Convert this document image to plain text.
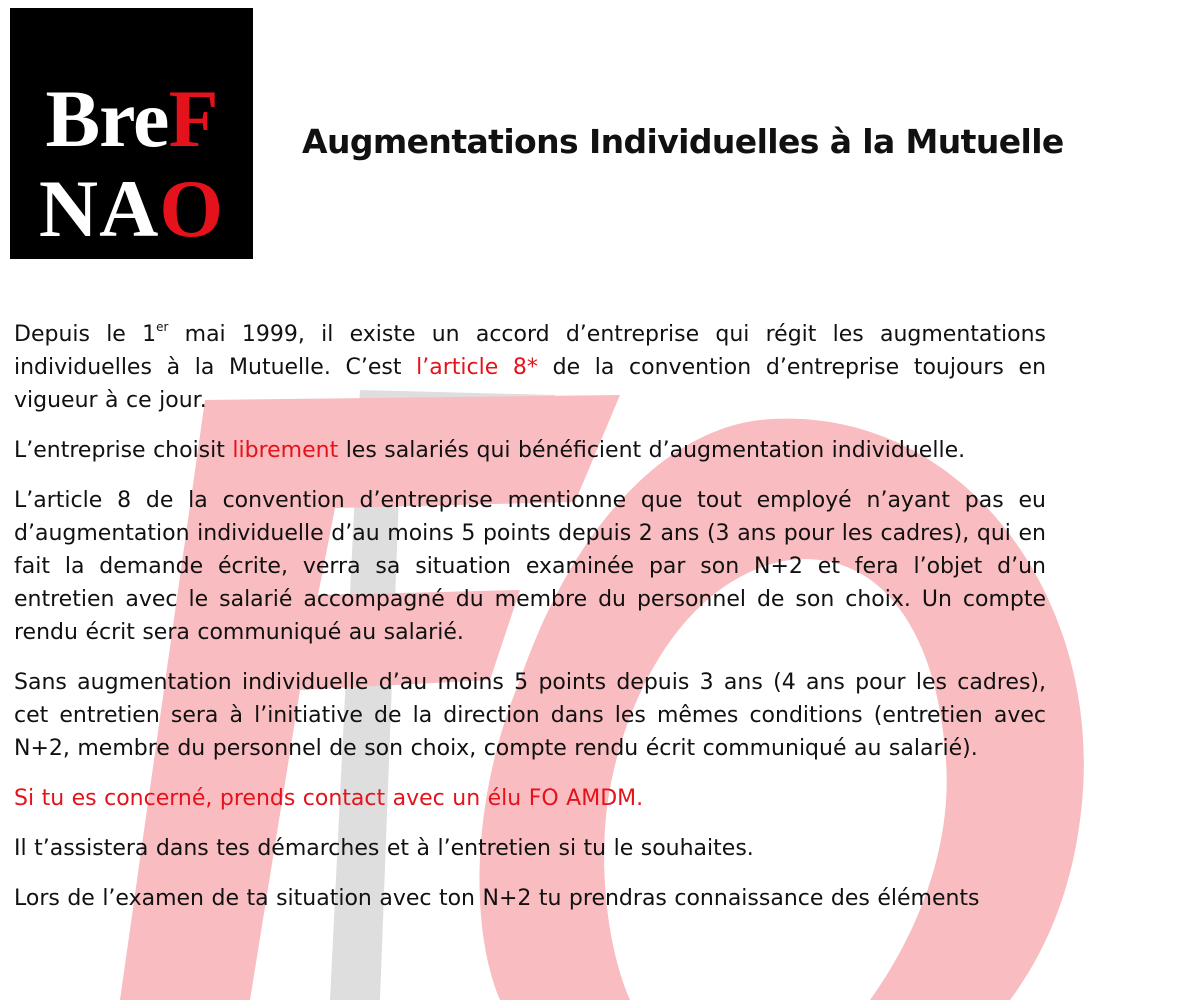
BreF
NAO
Augmentations Individuelles à la Mutuelle

Depuis le 1er mai 1999, il existe un accord d’entreprise qui régit les augmentations individuelles à la Mutuelle. C’est l’article 8* de la convention d’entreprise toujours en vigueur à ce jour.

L’entreprise choisit librement les salariés qui bénéficient d’augmentation individuelle.

L’article 8 de la convention d’entreprise mentionne que tout employé n’ayant pas eu d’augmentation individuelle d’au moins 5 points depuis 2 ans (3 ans pour les cadres), qui en fait la demande écrite, verra sa situation examinée par son N+2 et fera l’objet d’un entretien avec le salarié accompagné du membre du personnel de son choix. Un compte rendu écrit sera communiqué au salarié.

Sans augmentation individuelle d’au moins 5 points depuis 3 ans (4 ans pour les cadres), cet entretien sera à l’initiative de la direction dans les mêmes conditions (entretien avec N+2, membre du personnel de son choix, compte rendu écrit communiqué au salarié).

Si tu es concerné, prends contact avec un élu FO AMDM.

Il t’assistera dans tes démarches et à l’entretien si tu le souhaites.

Lors de l’examen de ta situation avec ton N+2 tu prendras connaissance des éléments
